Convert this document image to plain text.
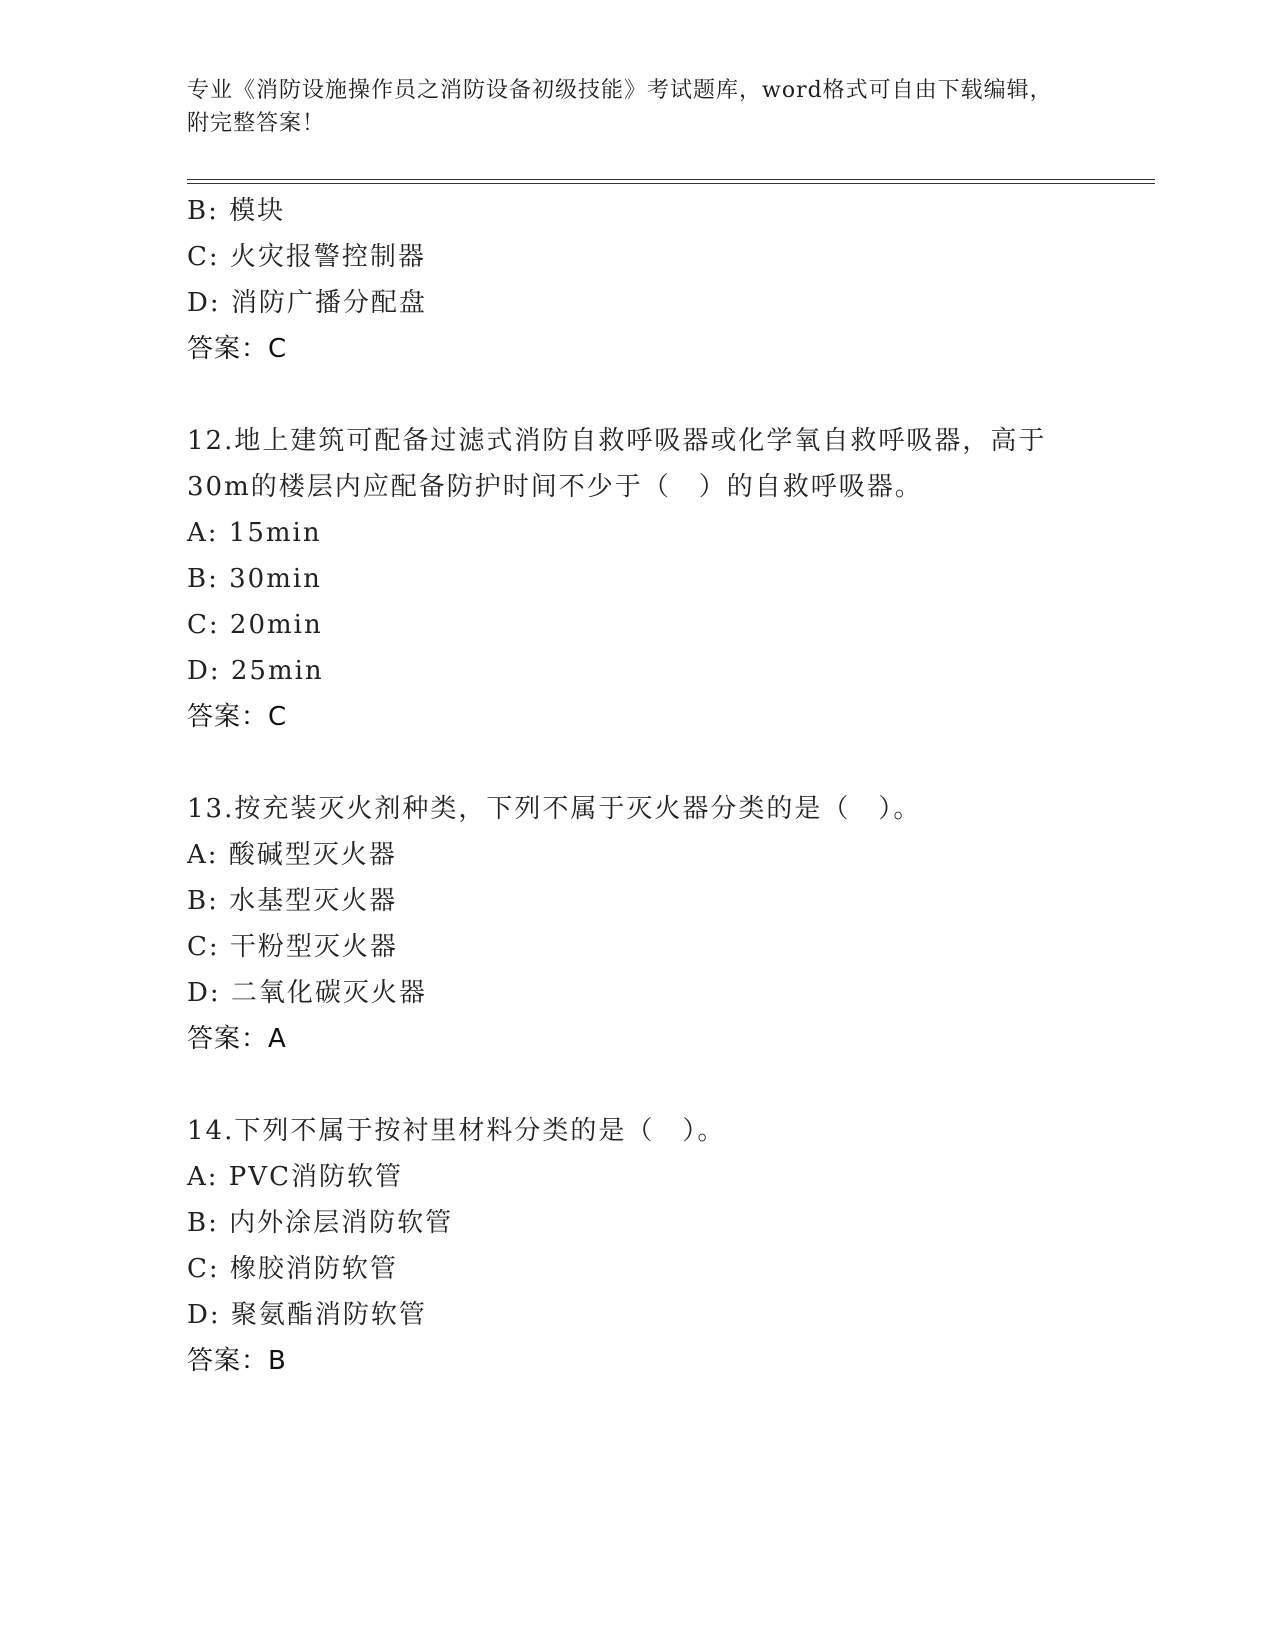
专业《消防设施操作员之消防设备初级技能》考试题库，word格式可自由下载编辑，附完整答案！
B: 模块
C: 火灾报警控制器
D: 消防广播分配盘
答案：C
12.地上建筑可配备过滤式消防自救呼吸器或化学氧自救呼吸器，高于30m的楼层内应配备防护时间不少于（　）的自救呼吸器。
A: 15min
B: 30min
C: 20min
D: 25min
答案：C
13.按充装灭火剂种类，下列不属于灭火器分类的是（　）。
A: 酸碱型灭火器
B: 水基型灭火器
C: 干粉型灭火器
D: 二氧化碳灭火器
答案：A
14.下列不属于按衬里材料分类的是（　）。
A: PVC消防软管
B: 内外涂层消防软管
C: 橡胶消防软管
D: 聚氨酯消防软管
答案：B
